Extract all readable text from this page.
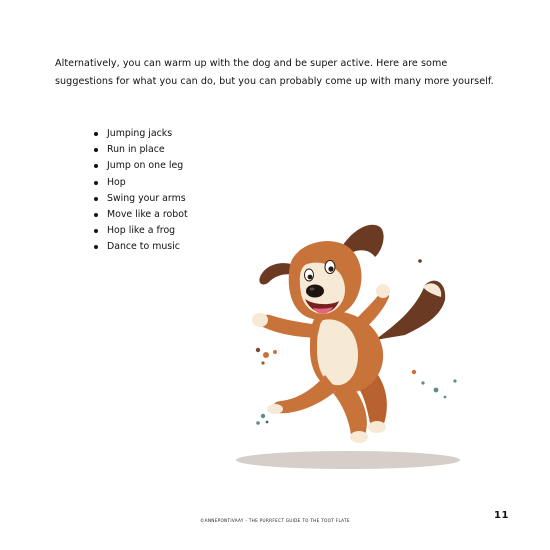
Alternatively, you can warm up with the dog and be super active. Here are some

suggestions for what you can do, but you can probably come up with many more yourself.

Jumping jacks
Run in place
Jump on one leg
Hop
Swing your arms
Move like a robot
Hop like a frog
Dance to music
11
©ANNEPONTIVAAY - THE PURRFECT GUIDE TO THE TOOT FLATE
